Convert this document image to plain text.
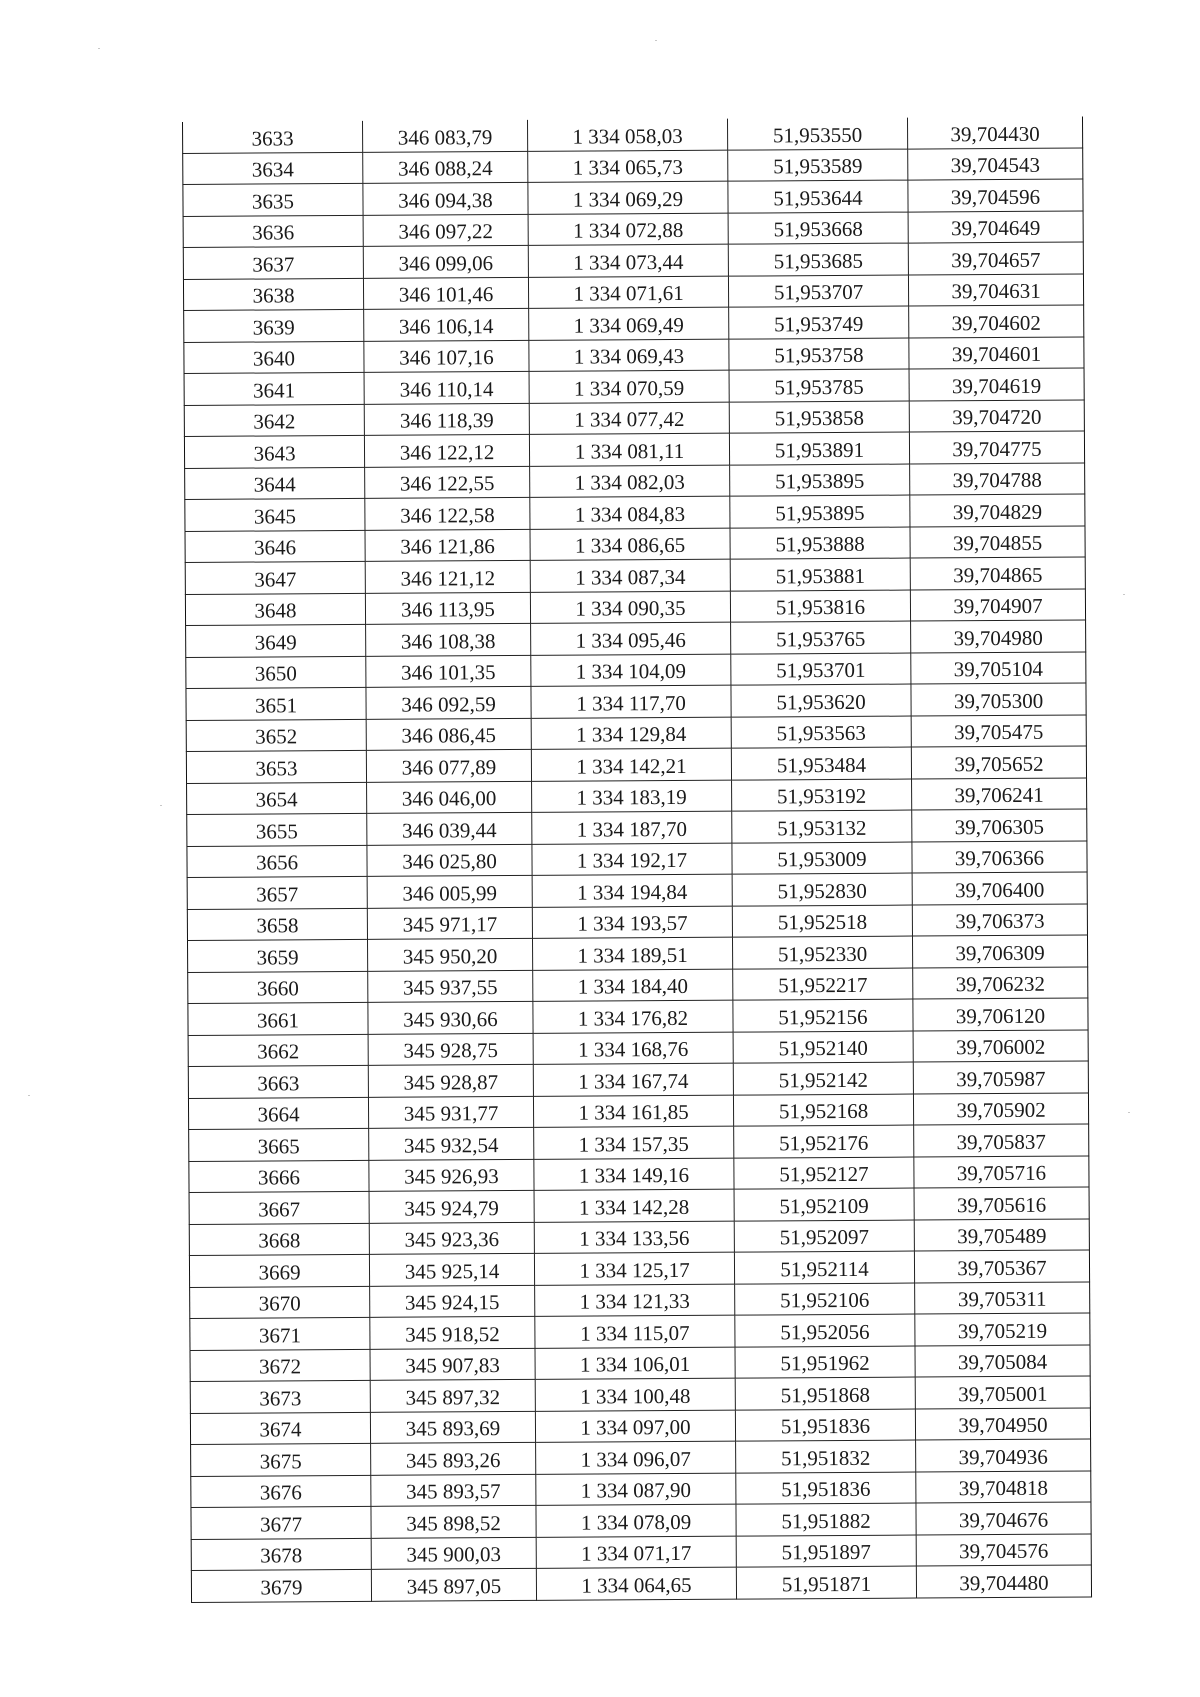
3633	346 083,79	1 334 058,03	51,953550	39,704430
3634	346 088,24	1 334 065,73	51,953589	39,704543
3635	346 094,38	1 334 069,29	51,953644	39,704596
3636	346 097,22	1 334 072,88	51,953668	39,704649
3637	346 099,06	1 334 073,44	51,953685	39,704657
3638	346 101,46	1 334 071,61	51,953707	39,704631
3639	346 106,14	1 334 069,49	51,953749	39,704602
3640	346 107,16	1 334 069,43	51,953758	39,704601
3641	346 110,14	1 334 070,59	51,953785	39,704619
3642	346 118,39	1 334 077,42	51,953858	39,704720
3643	346 122,12	1 334 081,11	51,953891	39,704775
3644	346 122,55	1 334 082,03	51,953895	39,704788
3645	346 122,58	1 334 084,83	51,953895	39,704829
3646	346 121,86	1 334 086,65	51,953888	39,704855
3647	346 121,12	1 334 087,34	51,953881	39,704865
3648	346 113,95	1 334 090,35	51,953816	39,704907
3649	346 108,38	1 334 095,46	51,953765	39,704980
3650	346 101,35	1 334 104,09	51,953701	39,705104
3651	346 092,59	1 334 117,70	51,953620	39,705300
3652	346 086,45	1 334 129,84	51,953563	39,705475
3653	346 077,89	1 334 142,21	51,953484	39,705652
3654	346 046,00	1 334 183,19	51,953192	39,706241
3655	346 039,44	1 334 187,70	51,953132	39,706305
3656	346 025,80	1 334 192,17	51,953009	39,706366
3657	346 005,99	1 334 194,84	51,952830	39,706400
3658	345 971,17	1 334 193,57	51,952518	39,706373
3659	345 950,20	1 334 189,51	51,952330	39,706309
3660	345 937,55	1 334 184,40	51,952217	39,706232
3661	345 930,66	1 334 176,82	51,952156	39,706120
3662	345 928,75	1 334 168,76	51,952140	39,706002
3663	345 928,87	1 334 167,74	51,952142	39,705987
3664	345 931,77	1 334 161,85	51,952168	39,705902
3665	345 932,54	1 334 157,35	51,952176	39,705837
3666	345 926,93	1 334 149,16	51,952127	39,705716
3667	345 924,79	1 334 142,28	51,952109	39,705616
3668	345 923,36	1 334 133,56	51,952097	39,705489
3669	345 925,14	1 334 125,17	51,952114	39,705367
3670	345 924,15	1 334 121,33	51,952106	39,705311
3671	345 918,52	1 334 115,07	51,952056	39,705219
3672	345 907,83	1 334 106,01	51,951962	39,705084
3673	345 897,32	1 334 100,48	51,951868	39,705001
3674	345 893,69	1 334 097,00	51,951836	39,704950
3675	345 893,26	1 334 096,07	51,951832	39,704936
3676	345 893,57	1 334 087,90	51,951836	39,704818
3677	345 898,52	1 334 078,09	51,951882	39,704676
3678	345 900,03	1 334 071,17	51,951897	39,704576
3679	345 897,05	1 334 064,65	51,951871	39,704480
